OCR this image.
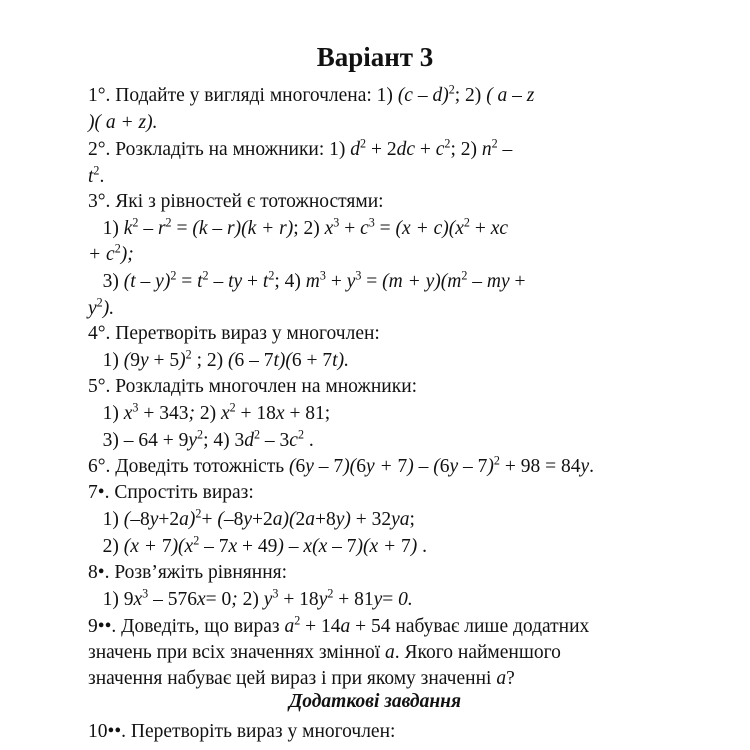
Варіант 3
1°. Подайте у вигляді многочлена: 1) (c – d)$^2$; 2) ( a – z
)( a + z).
2°. Розкладіть на множники: 1) $d^2 + 2dc + c^2$; 2) $n^2$ –
$t^2$.
3°. Які з рівностей є тотожностями:
1) $k^2 - r^2 = (k - r)(k + r)$; 2) $x^3 + c^3 = (x + c)(x^2$ + xc
+ $c^2$);
3) $(t - y)^2 = t^2$ – ty + $t^2$; 4) $m^3 + y^3 = (m + y)(m^2$ – my +
$y^2$).
4°. Перетворіть вираз у многочлен:
1) $(9y + 5)^2$ ; 2) (6 – 7t)(6 + 7t).
5°. Розкладіть многочлен на множники:
1) $x^3 + 343$; 2) $x^2 + 18x + 81$;
$3) - 64 + 9y^2$; 4) $3d^2 - 3c^2$ .
6°. Доведіть тотожність (6y – 7)(6y + 7) – (6y – 7)$^2$ + 98 = 84y.
7•. Спростіть вираз:
1) $(-8y+2a)^2+ (-8y+2a)(2a+8y) + 32ya$;
2) $(x + 7)(x^2 - 7x + 49) - x(x - 7)(x + 7)$ .
8•. Розв’яжіть рівняння:
1) $9x^3 - 576x= 0$; 2) $y^3 + 18y^2 + 81y= 0$.
9••. Доведіть, що вираз $a^2 + 14a + 54$ набуває лише додатних
значень при всіх значеннях змінної a. Якого найменшого
значення набуває цей вираз і при якому значенні a?
Додаткові завдання
10••. Перетворіть вираз у многочлен:
